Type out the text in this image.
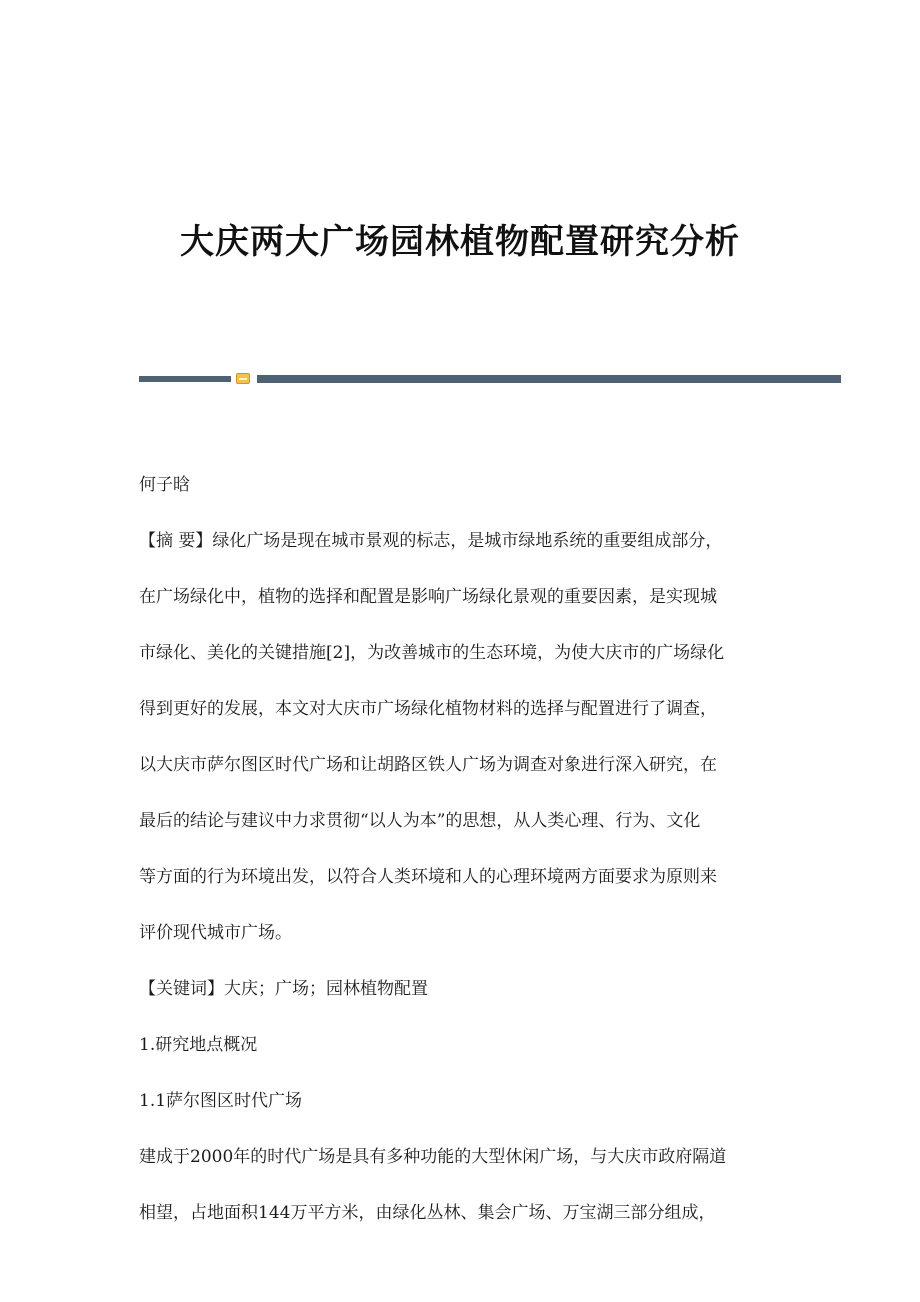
大庆两大广场园林植物配置研究分析

何子晗

【摘 要】绿化广场是现在城市景观的标志，是城市绿地系统的重要组成部分，

在广场绿化中，植物的选择和配置是影响广场绿化景观的重要因素，是实现城

市绿化、美化的关键措施[2]，为改善城市的生态环境，为使大庆市的广场绿化

得到更好的发展，本文对大庆市广场绿化植物材料的选择与配置进行了调查，

以大庆市萨尔图区时代广场和让胡路区铁人广场为调查对象进行深入研究，在

最后的结论与建议中力求贯彻“以人为本”的思想，从人类心理、行为、文化

等方面的行为环境出发，以符合人类环境和人的心理环境两方面要求为原则来

评价现代城市广场。

【关键词】大庆；广场；园林植物配置

1.研究地点概况

1.1萨尔图区时代广场

建成于2000年的时代广场是具有多种功能的大型休闲广场，与大庆市政府隔道

相望，占地面积144万平方米，由绿化丛林、集会广场、万宝湖三部分组成，
